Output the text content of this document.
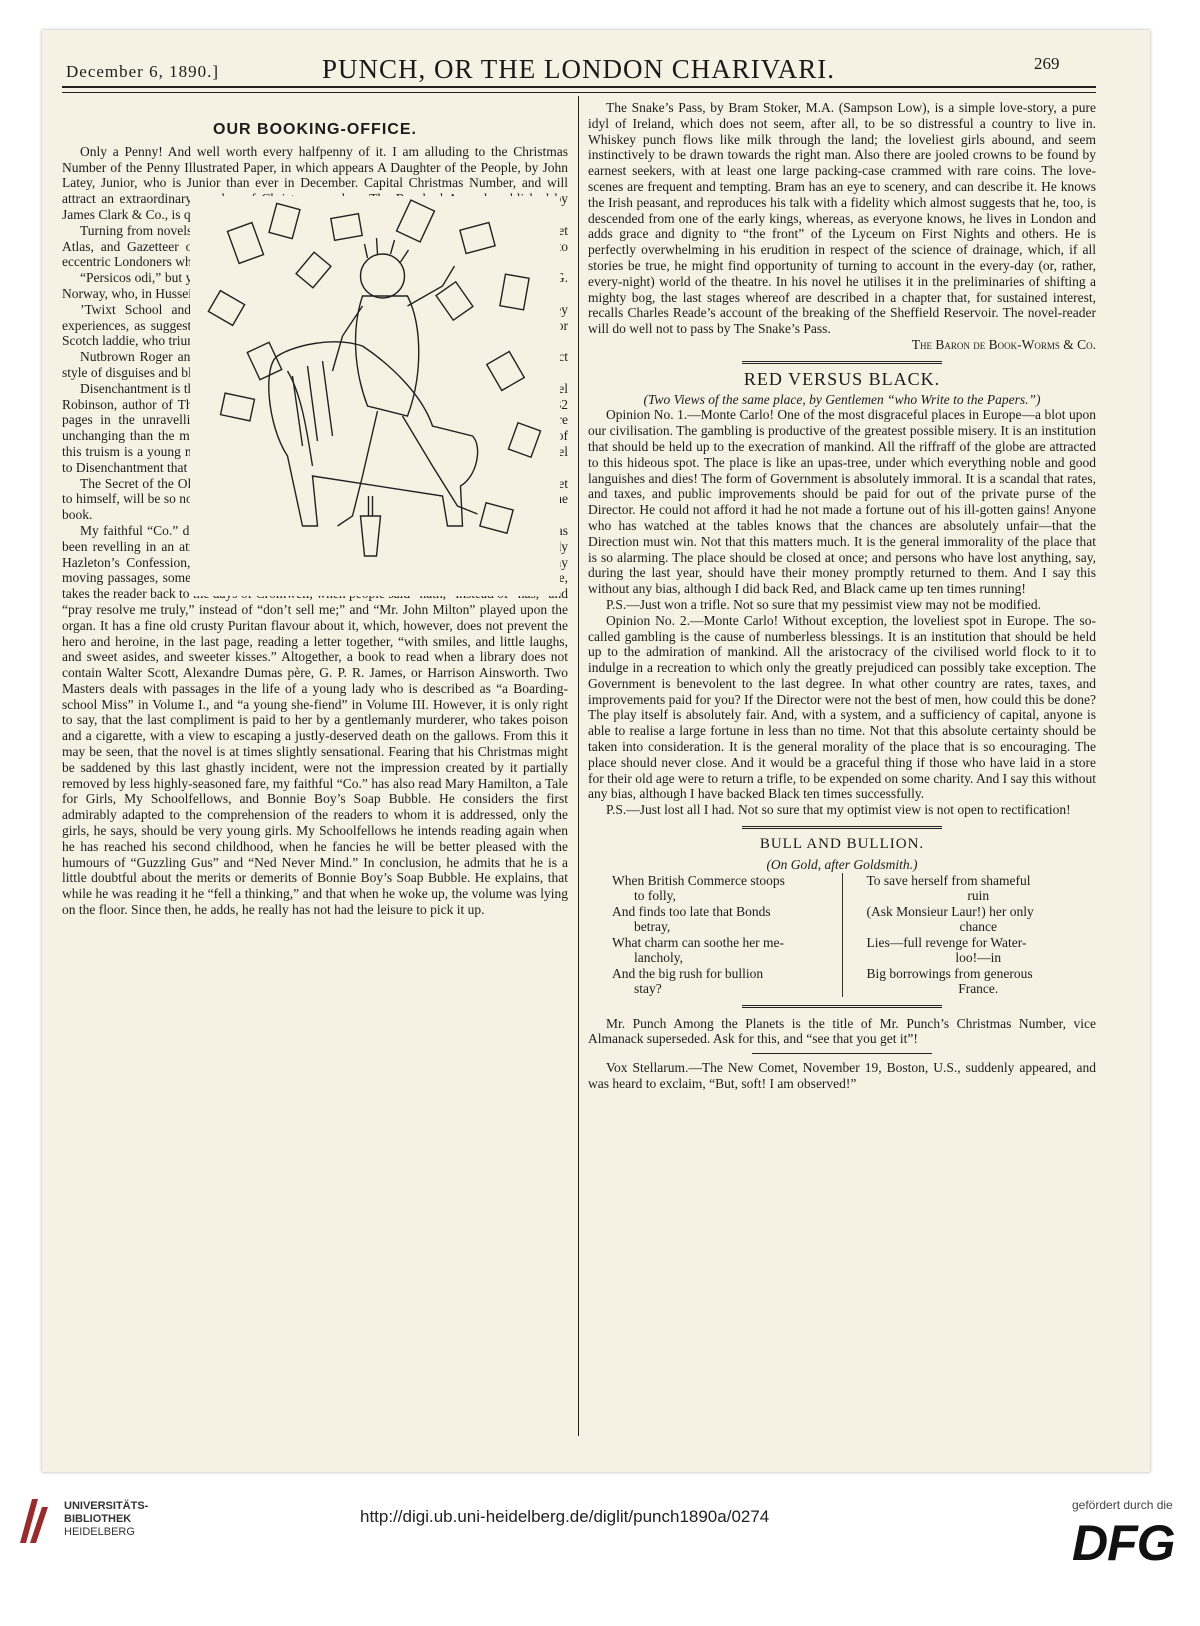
December 6, 1890.]	PUNCH, OR THE LONDON CHARIVARI.	269
OUR BOOKING-OFFICE.

Only a Penny! And well worth every halfpenny of it. I am alluding to the Christmas Number of the Penny Illustrated Paper, in which appears A Daughter of the People, by John Latey, Junior, who is Junior than ever in December. Capital Christmas Number, and will attract an extraordinary number of Christmas readers. The Rosebud Annual, published by James Clark & Co., is quite a bright posy for our very little ones.

Turning from novels, it is a relief to come across so inviting a little volume as the Pocket Atlas, and Gazetteer of Canada, which will be found of the greatest possible value to eccentric Londoners who purpose visiting the Dominion during the coming Winter.

“Persicos odi,” but you won’t agree with Horace if you follow this “puer apparatus” of G. Norway, who, in Hussein’s Hostage, gives us the exciting adventures of a Persian boy.

’Twixt School and College, by Gordon Stables, has nothing to do with horsey experiences, as suggested by the author’s name, but is the uneventful home-life of a poor Scotch laddie, who triumphs by dint of pluck.

Nutbrown Roger and I, by J. H. Yoxall, a romance of the highway, quite in the correct style of disguises and blunderbusses always so necessary for a tale of this kind.

Disenchantment is the—not altogether—enticing title of “an everyday story,” by F. Mabel Robinson, author of The Plan of Campaign. It is rather a long tale to tell, for it takes 432 pages in the unravelling. It ends with a beautiful avowal that “the heart is no more unchanging than the mind, and that love’s not immortal, but an illusion.” As the utterer of this truism is a young married woman, it would seem that the foundation is laid for a sequel to Disenchantment that might be appropriately called Divorce.

The Secret of the Old House, by Evelyn Everett Green, who evidently can’t keep a secret to himself, will be so no longer when the children have satisfied their curiosity by reading the book.

My faithful “Co.” declares that he has been recently hard at work novel-reading. He has been revelling in an atmosphere of romance. He has been moved almost to tears by Lady Hazleton’s Confession, by Mrs. Kent Spender, which, he says, includes, amongst many moving passages, some glimpses of Parliamentary life. Friend Olivia, in one bulky volume, takes the reader back to the days of Cromwell, when people said “hath,” instead of “has,” and “pray resolve me truly,” instead of “don’t sell me;” and “Mr. John Milton” played upon the organ. It has a fine old crusty Puritan flavour about it, which, however, does not prevent the hero and heroine, in the last page, reading a letter together, “with smiles, and little laughs, and sweet asides, and sweeter kisses.” Altogether, a book to read when a library does not contain Walter Scott, Alexandre Dumas père, G. P. R. James, or Harrison Ainsworth. Two Masters deals with passages in the life of a young lady who is described as “a Boarding-school Miss” in Volume I., and “a young she-fiend” in Volume III. However, it is only right to say, that the last compliment is paid to her by a gentlemanly murderer, who takes poison and a cigarette, with a view to escaping a justly-deserved death on the gallows. From this it may be seen, that the novel is at times slightly sensational. Fearing that his Christmas might be saddened by this last ghastly incident, were not the impression created by it partially removed by less highly-seasoned fare, my faithful “Co.” has also read Mary Hamilton, a Tale for Girls, My Schoolfellows, and Bonnie Boy’s Soap Bubble. He considers the first admirably adapted to the comprehension of the readers to whom it is addressed, only the girls, he says, should be very young girls. My Schoolfellows he intends reading again when he has reached his second childhood, when he fancies he will be better pleased with the humours of “Guzzling Gus” and “Ned Never Mind.” In conclusion, he admits that he is a little doubtful about the merits or demerits of Bonnie Boy’s Soap Bubble. He explains, that while he was reading it he “fell a thinking,” and that when he woke up, the volume was lying on the floor. Since then, he adds, he really has not had the leisure to pick it up.

The Snake’s Pass, by Bram Stoker, M.A. (Sampson Low), is a simple love-story, a pure idyl of Ireland, which does not seem, after all, to be so distressful a country to live in. Whiskey punch flows like milk through the land; the loveliest girls abound, and seem instinctively to be drawn towards the right man. Also there are jooled crowns to be found by earnest seekers, with at least one large packing-case crammed with rare coins. The love-scenes are frequent and tempting. Bram has an eye to scenery, and can describe it. He knows the Irish peasant, and reproduces his talk with a fidelity which almost suggests that he, too, is descended from one of the early kings, whereas, as everyone knows, he lives in London and adds grace and dignity to “the front” of the Lyceum on First Nights and others. He is perfectly overwhelming in his erudition in respect of the science of drainage, which, if all stories be true, he might find opportunity of turning to account in the every-day (or, rather, every-night) world of the theatre. In his novel he utilises it in the preliminaries of shifting a mighty bog, the last stages whereof are described in a chapter that, for sustained interest, recalls Charles Reade’s account of the breaking of the Sheffield Reservoir. The novel-reader will do well not to pass by The Snake’s Pass.

The Baron de Book-Worms & Co.

RED VERSUS BLACK.

(Two Views of the same place, by Gentlemen “who Write to the Papers.”)

Opinion No. 1.—Monte Carlo! One of the most disgraceful places in Europe—a blot upon our civilisation. The gambling is productive of the greatest possible misery. It is an institution that should be held up to the execration of mankind. All the riffraff of the globe are attracted to this hideous spot. The place is like an upas-tree, under which everything noble and good languishes and dies! The form of Government is absolutely immoral. It is a scandal that rates, and taxes, and public improvements should be paid for out of the private purse of the Director. He could not afford it had he not made a fortune out of his ill-gotten gains! Anyone who has watched at the tables knows that the chances are absolutely unfair—that the Direction must win. Not that this matters much. It is the general immorality of the place that is so alarming. The place should be closed at once; and persons who have lost anything, say, during the last year, should have their money promptly returned to them. And I say this without any bias, although I did back Red, and Black came up ten times running!

P.S.—Just won a trifle. Not so sure that my pessimist view may not be modified.

Opinion No. 2.—Monte Carlo! Without exception, the loveliest spot in Europe. The so-called gambling is the cause of numberless blessings. It is an institution that should be held up to the admiration of mankind. All the aristocracy of the civilised world flock to it to indulge in a recreation to which only the greatly prejudiced can possibly take exception. The Government is benevolent to the last degree. In what other country are rates, taxes, and improvements paid for you? If the Director were not the best of men, how could this be done? The play itself is absolutely fair. And, with a system, and a sufficiency of capital, anyone is able to realise a large fortune in less than no time. Not that this absolute certainty should be taken into consideration. It is the general morality of the place that is so encouraging. The place should never close. And it would be a graceful thing if those who have laid in a store for their old age were to return a trifle, to be expended on some charity. And I say this without any bias, although I have backed Black ten times successfully.

P.S.—Just lost all I had. Not so sure that my optimist view is not open to rectification!

BULL AND BULLION.

(On Gold, after Goldsmith.)

When British Commerce stoops

to folly,

And finds too late that Bonds

betray,

What charm can soothe her me-

lancholy,

And the big rush for bullion

stay?

To save herself from shameful

ruin

(Ask Monsieur Laur!) her only

chance

Lies—full revenge for Water-

loo!—in

Big borrowings from generous

France.

Mr. Punch Among the Planets is the title of Mr. Punch’s Christmas Number, vice Almanack superseded. Ask for this, and “see that you get it”!

Vox Stellarum.—The New Comet, November 19, Boston, U.S., suddenly appeared, and was heard to exclaim, “But, soft! I am observed!”

UNIVERSITÄTS-
BIBLIOTHEK
HEIDELBERG
http://digi.ub.uni-heidelberg.de/diglit/punch1890a/0274
gefördert durch die
DFG
